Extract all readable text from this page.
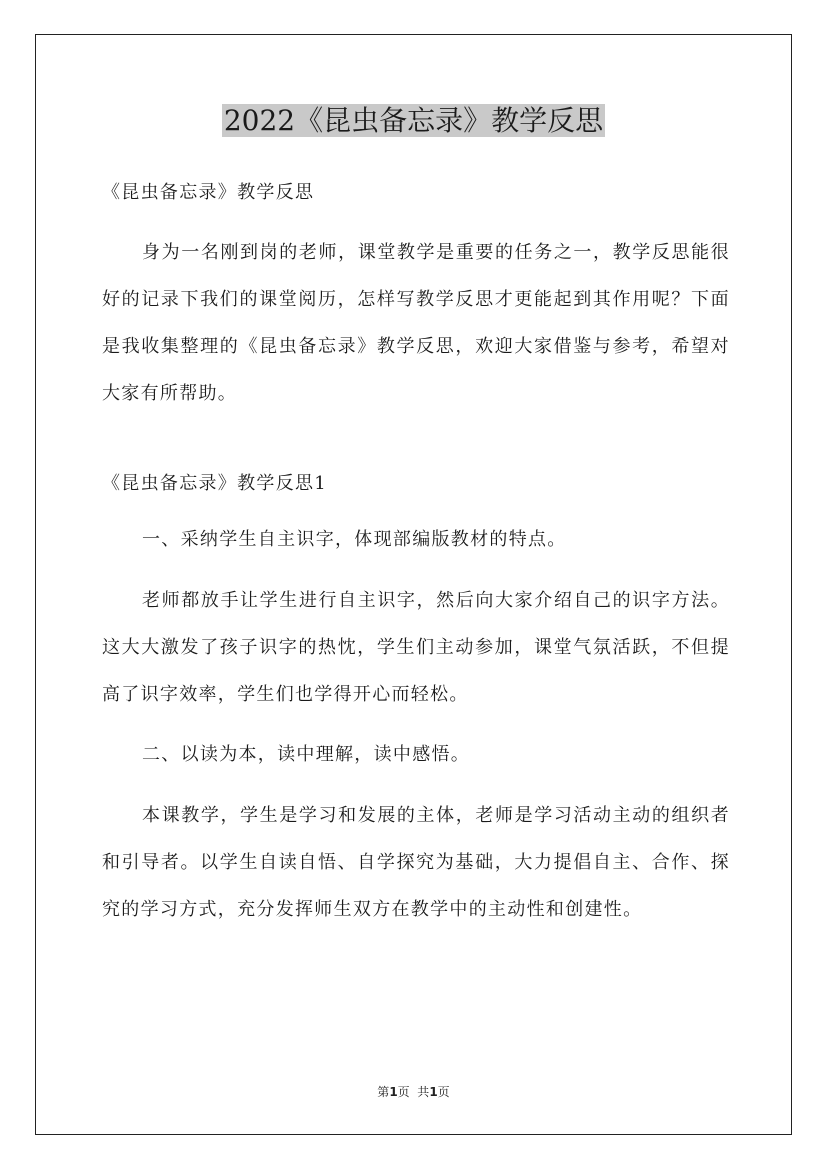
2022《昆虫备忘录》教学反思

《昆虫备忘录》教学反思

身为一名刚到岗的老师，课堂教学是重要的任务之一，教学反思能很好的记录下我们的课堂阅历，怎样写教学反思才更能起到其作用呢？下面是我收集整理的《昆虫备忘录》教学反思，欢迎大家借鉴与参考，希望对大家有所帮助。

《昆虫备忘录》教学反思1

一、采纳学生自主识字，体现部编版教材的特点。

老师都放手让学生进行自主识字，然后向大家介绍自己的识字方法。这大大激发了孩子识字的热忱，学生们主动参加，课堂气氛活跃，不但提高了识字效率，学生们也学得开心而轻松。

二、以读为本，读中理解，读中感悟。

本课教学，学生是学习和发展的主体，老师是学习活动主动的组织者和引导者。以学生自读自悟、自学探究为基础，大力提倡自主、合作、探究的学习方式，充分发挥师生双方在教学中的主动性和创建性。

第1页  共1页
